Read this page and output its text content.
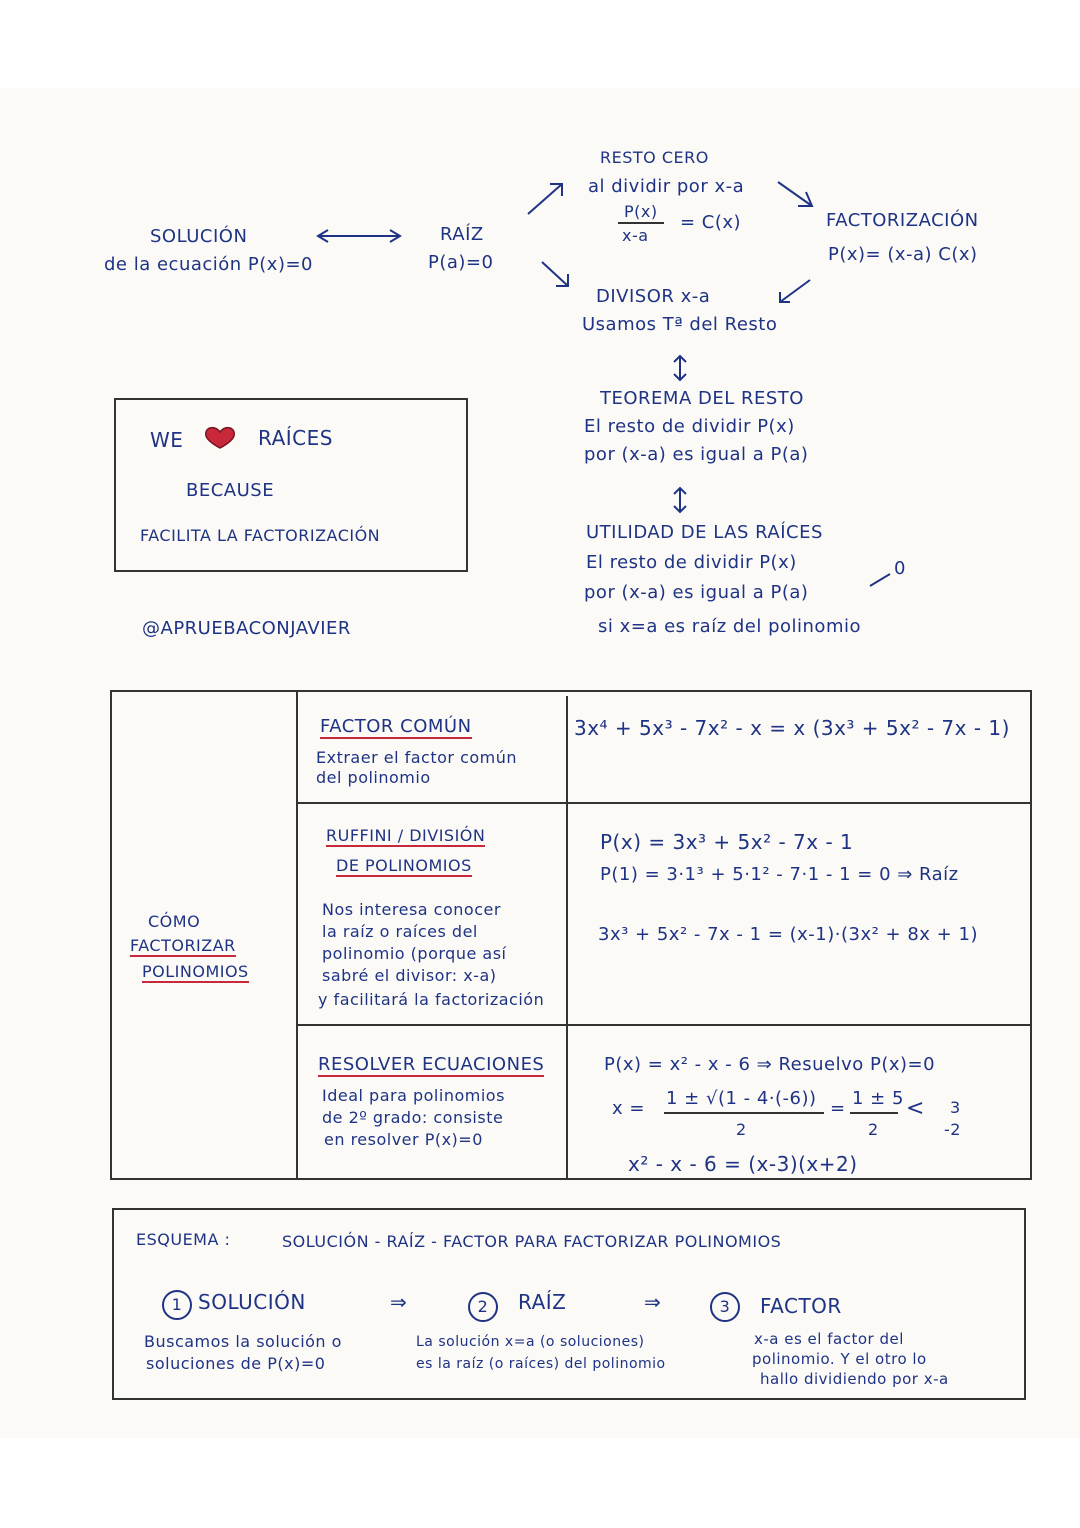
SOLUCIÓN
de la ecuación P(x)=0
RAÍZ
P(a)=0
RESTO CERO
al dividir por x-a
P(x)
x-a
= C(x)	FACTORIZACIÓN
P(x)= (x-a) C(x)
DIVISOR x-a
Usamos Tª del Resto
TEOREMA DEL RESTO
El resto de dividir P(x)
por (x-a) es igual a P(a)
UTILIDAD DE LAS RAÍCES
El resto de dividir P(x)
por (x-a) es igual a P(a)
0
si x=a es raíz del polinomio
WE	RAÍCES
BECAUSE
FACILITA LA FACTORIZACIÓN
@APRUEBACONJAVIER
CÓMO
FACTORIZAR
POLINOMIOS
FACTOR COMÚN
Extraer el factor común
del polinomio
3x⁴ + 5x³ - 7x² - x = x (3x³ + 5x² - 7x - 1)
RUFFINI / DIVISIÓN
DE POLINOMIOS
Nos interesa conocer
la raíz o raíces del
polinomio (porque así
sabré el divisor: x-a)
y facilitará la factorización
P(x) = 3x³ + 5x² - 7x - 1
P(1) = 3·1³ + 5·1² - 7·1 - 1 = 0 ⇒ Raíz
3x³ + 5x² - 7x - 1 = (x-1)·(3x² + 8x + 1)
RESOLVER ECUACIONES
Ideal para polinomios
de 2º grado: consiste
en resolver P(x)=0
P(x) = x² - x - 6 ⇒ Resuelvo P(x)=0
x = 1 ± √(1 - 4·(-6))
2
= 1 ± 5
2
< 3
-2
x² - x - 6 = (x-3)(x+2)
ESQUEMA :	SOLUCIÓN - RAÍZ - FACTOR PARA FACTORIZAR POLINOMIOS
1 SOLUCIÓN	⇒	2	RAÍZ	⇒	3	FACTOR
Buscamos la solución o
soluciones de P(x)=0
La solución x=a (o soluciones)
es la raíz (o raíces) del polinomio
x-a es el factor del
polinomio. Y el otro lo
hallo dividiendo por x-a
